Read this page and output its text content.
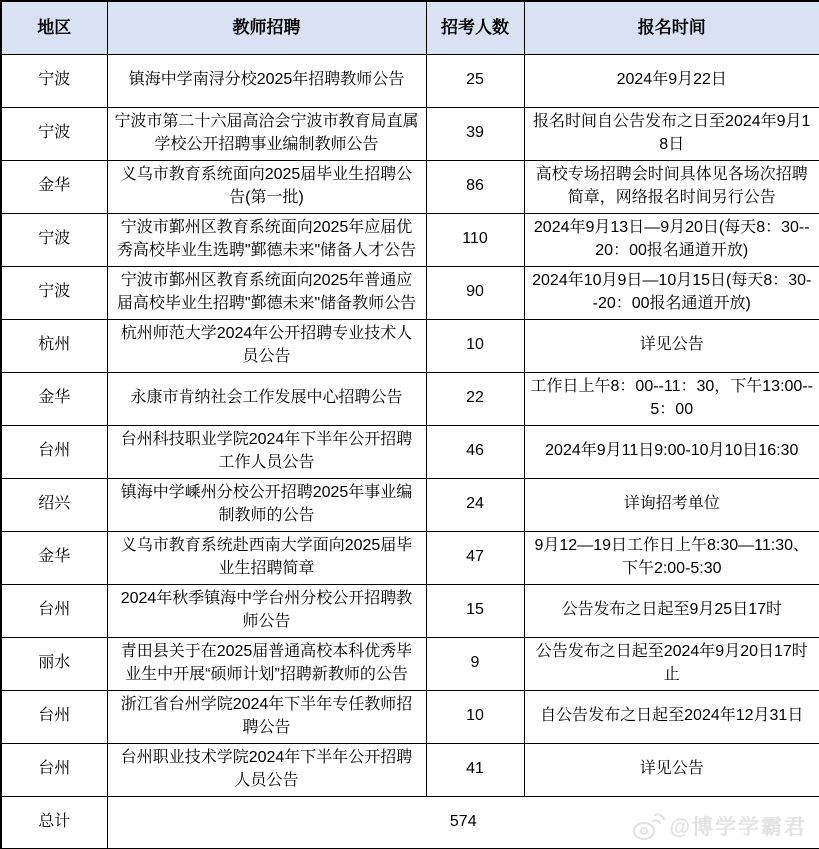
地区	教师招聘	招考人数	报名时间
宁波	镇海中学南浔分校2025年招聘教师公告	25	2024年9月22日
宁波	宁波市第二十六届高洽会宁波市教育局直属学校公开招聘事业编制教师公告	39	报名时间自公告发布之日至2024年9月18日
金华	义乌市教育系统面向2025届毕业生招聘公告(第一批)	86	高校专场招聘会时间具体见各场次招聘简章，网络报名时间另行公告
宁波	宁波市鄞州区教育系统面向2025年应届优秀高校毕业生选聘"鄞德未来"储备人才公告	110	2024年9月13日—9月20日(每天8：30--20：00报名通道开放)
宁波	宁波市鄞州区教育系统面向2025年普通应届高校毕业生招聘"鄞德未来"储备教师公告	90	2024年10月9日—10月15日(每天8：30--20：00报名通道开放)
杭州	杭州师范大学2024年公开招聘专业技术人员公告	10	详见公告
金华	永康市肯纳社会工作发展中心招聘公告	22	工作日上午8：00--11：30，下午13:00--5：00
台州	台州科技职业学院2024年下半年公开招聘工作人员公告	46	2024年9月11日9:00-10月10日16:30
绍兴	镇海中学嵊州分校公开招聘2025年事业编制教师的公告	24	详询招考单位
金华	义乌市教育系统赴西南大学面向2025届毕业生招聘简章	47	9月12—19日工作日上午8:30—11:30、下午2:00-5:30
台州	2024年秋季镇海中学台州分校公开招聘教师公告	15	公告发布之日起至9月25日17时
丽水	青田县关于在2025届普通高校本科优秀毕业生中开展“硕师计划”招聘新教师的公告	9	公告发布之日起至2024年9月20日17时止
台州	浙江省台州学院2024年下半年专任教师招聘公告	10	自公告发布之日起至2024年12月31日
台州	台州职业技术学院2024年下半年公开招聘人员公告	41	详见公告
总计	574			@博学学霸君
